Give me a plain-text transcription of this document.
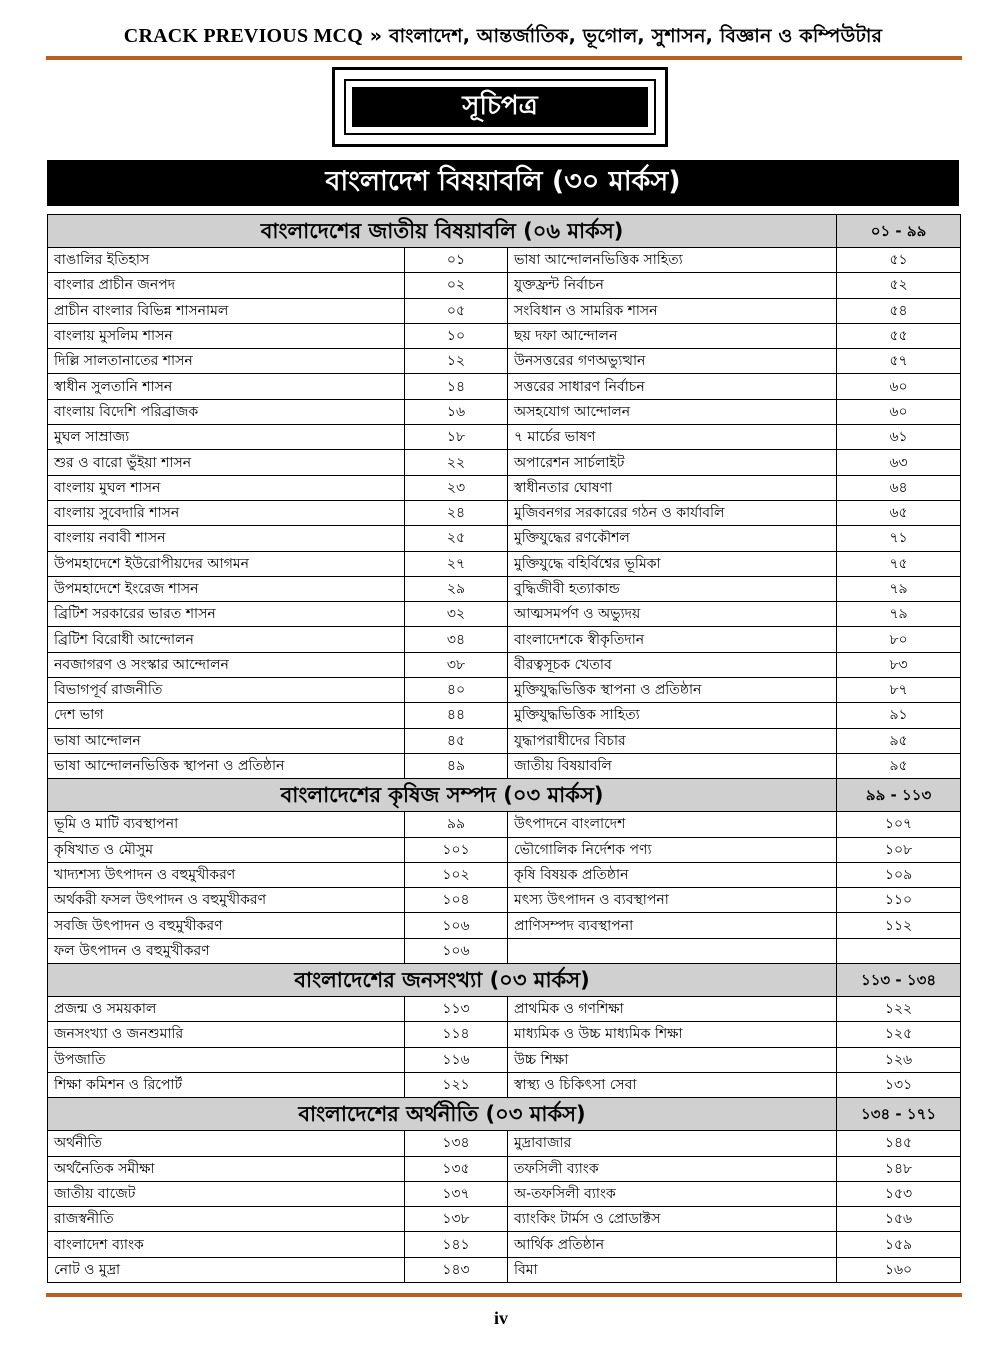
CRACK PREVIOUS MCQ » বাংলাদেশ, আন্তর্জাতিক, ভূগোল, সুশাসন, বিজ্ঞান ও কম্পিউটার
সূচিপত্র
বাংলাদেশ বিষয়াবলি (৩০ মার্কস)
বাংলাদেশের জাতীয় বিষয়াবলি (০৬ মার্কস)			০১ - ৯৯
বাঙালির ইতিহাস	০১	ভাষা আন্দোলনভিত্তিক সাহিত্য	৫১
বাংলার প্রাচীন জনপদ	০২	যুক্তফ্রন্ট নির্বাচন	৫২
প্রাচীন বাংলার বিভিন্ন শাসনামল	০৫	সংবিধান ও সামরিক শাসন	৫৪
বাংলায় মুসলিম শাসন	১০	ছয় দফা আন্দোলন	৫৫
দিল্লি সালতানাতের শাসন	১২	উনসত্তরের গণঅভ্যুত্থান	৫৭
স্বাধীন সুলতানি শাসন	১৪	সত্তরের সাধারণ নির্বাচন	৬০
বাংলায় বিদেশি পরিব্রাজক	১৬	অসহযোগ আন্দোলন	৬০
মুঘল সাম্রাজ্য	১৮	৭ মার্চের ভাষণ	৬১
শুর ও বারো ভুঁইয়া শাসন	২২	অপারেশন সার্চলাইট	৬৩
বাংলায় মুঘল শাসন	২৩	স্বাধীনতার ঘোষণা	৬৪
বাংলায় সুবেদারি শাসন	২৪	মুজিবনগর সরকারের গঠন ও কার্যাবলি	৬৫
বাংলায় নবাবী শাসন	২৫	মুক্তিযুদ্ধের রণকৌশল	৭১
উপমহাদেশে ইউরোপীয়দের আগমন	২৭	মুক্তিযুদ্ধে বহির্বিশ্বের ভূমিকা	৭৫
উপমহাদেশে ইংরেজ শাসন	২৯	বুদ্ধিজীবী হত্যাকান্ড	৭৯
ব্রিটিশ সরকারের ভারত শাসন	৩২	আত্মসমর্পণ ও অভ্যুদয়	৭৯
ব্রিটিশ বিরোধী আন্দোলন	৩৪	বাংলাদেশকে স্বীকৃতিদান	৮০
নবজাগরণ ও সংস্কার আন্দোলন	৩৮	বীরত্বসূচক খেতাব	৮৩
বিভাগপূর্ব রাজনীতি	৪০	মুক্তিযুদ্ধভিত্তিক স্থাপনা ও প্রতিষ্ঠান	৮৭
দেশ ভাগ	৪৪	মুক্তিযুদ্ধভিত্তিক সাহিত্য	৯১
ভাষা আন্দোলন	৪৫	যুদ্ধাপরাধীদের বিচার	৯৫
ভাষা আন্দোলনভিত্তিক স্থাপনা ও প্রতিষ্ঠান	৪৯	জাতীয় বিষয়াবলি	৯৫
বাংলাদেশের কৃষিজ সম্পদ (০৩ মার্কস)			৯৯ - ১১৩
ভূমি ও মাটি ব্যবস্থাপনা	৯৯	উৎপাদনে বাংলাদেশ	১০৭
কৃষিখাত ও মৌসুম	১০১	ভৌগোলিক নির্দেশক পণ্য	১০৮
খাদ্যশস্য উৎপাদন ও বহুমুখীকরণ	১০২	কৃষি বিষয়ক প্রতিষ্ঠান	১০৯
অর্থকরী ফসল উৎপাদন ও বহুমুখীকরণ	১০৪	মৎস্য উৎপাদন ও ব্যবস্থাপনা	১১০
সবজি উৎপাদন ও বহুমুখীকরণ	১০৬	প্রাণিসম্পদ ব্যবস্থাপনা	১১২
ফল উৎপাদন ও বহুমুখীকরণ	১০৬		
বাংলাদেশের জনসংখ্যা (০৩ মার্কস)			১১৩ - ১৩৪
প্রজন্ম ও সময়কাল	১১৩	প্রাথমিক ও গণশিক্ষা	১২২
জনসংখ্যা ও জনশুমারি	১১৪	মাধ্যমিক ও উচ্চ মাধ্যমিক শিক্ষা	১২৫
উপজাতি	১১৬	উচ্চ শিক্ষা	১২৬
শিক্ষা কমিশন ও রিপোর্ট	১২১	স্বাস্থ্য ও চিকিৎসা সেবা	১৩১
বাংলাদেশের অর্থনীতি (০৩ মার্কস)			১৩৪ - ১৭১
অর্থনীতি	১৩৪	মুদ্রাবাজার	১৪৫
অর্থনৈতিক সমীক্ষা	১৩৫	তফসিলী ব্যাংক	১৪৮
জাতীয় বাজেট	১৩৭	অ-তফসিলী ব্যাংক	১৫৩
রাজস্বনীতি	১৩৮	ব্যাংকিং টার্মস ও প্রোডাক্টস	১৫৬
বাংলাদেশ ব্যাংক	১৪১	আর্থিক প্রতিষ্ঠান	১৫৯
নোট ও মুদ্রা	১৪৩	বিমা	১৬০
iv
